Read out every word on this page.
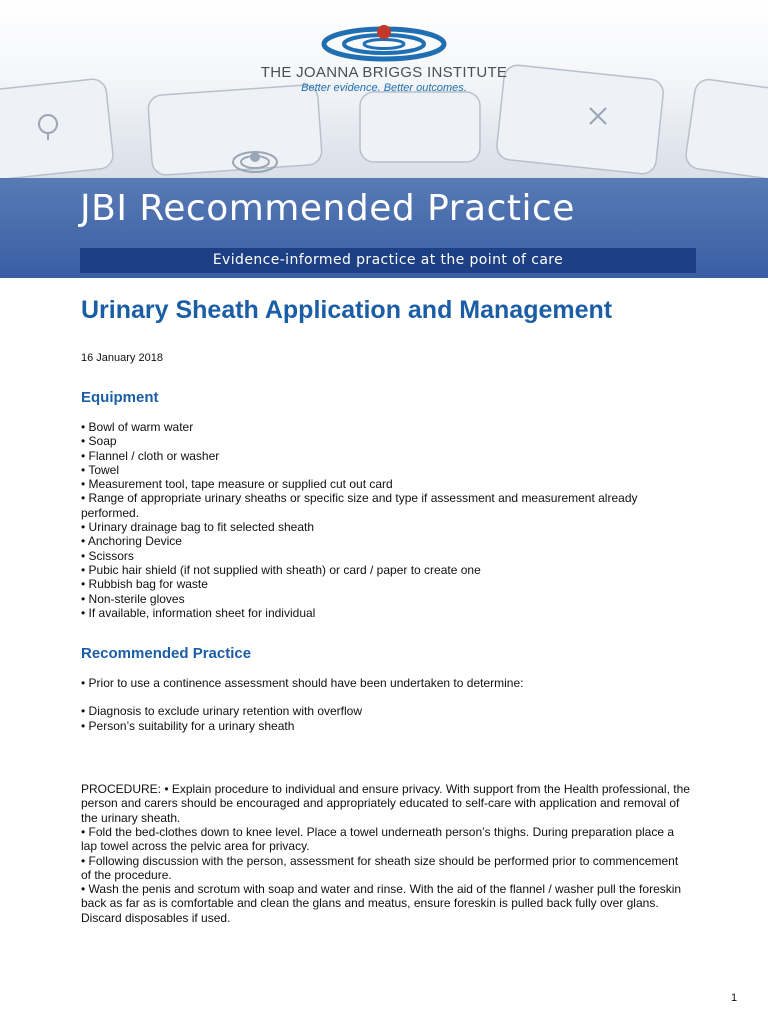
THE JOANNA BRIGGS INSTITUTE
Better evidence. Better outcomes.
JBI Recommended Practice
Evidence-informed practice at the point of care
Urinary Sheath Application and Management
16 January 2018
Equipment
• Bowl of warm water
• Soap
• Flannel / cloth or washer
• Towel
• Measurement tool, tape measure or supplied cut out card
• Range of appropriate urinary sheaths or specific size and type if assessment and measurement already performed.
• Urinary drainage bag to fit selected sheath
• Anchoring Device
• Scissors
• Pubic hair shield (if not supplied with sheath) or card / paper to create one
• Rubbish bag for waste
• Non-sterile gloves
• If available, information sheet for individual
Recommended Practice
• Prior to use a continence assessment should have been undertaken to determine:
• Diagnosis to exclude urinary retention with overflow
• Person’s suitability for a urinary sheath
PROCEDURE: • Explain procedure to individual and ensure privacy. With support from the Health professional, the person and carers should be encouraged and appropriately educated to self-care with application and removal of the urinary sheath.
• Fold the bed-clothes down to knee level. Place a towel underneath person’s thighs. During preparation place a lap towel across the pelvic area for privacy.
• Following discussion with the person, assessment for sheath size should be performed prior to commencement of the procedure.
• Wash the penis and scrotum with soap and water and rinse. With the aid of the flannel / washer pull the foreskin back as far as is comfortable and clean the glans and meatus, ensure foreskin is pulled back fully over glans. Discard disposables if used.
1
